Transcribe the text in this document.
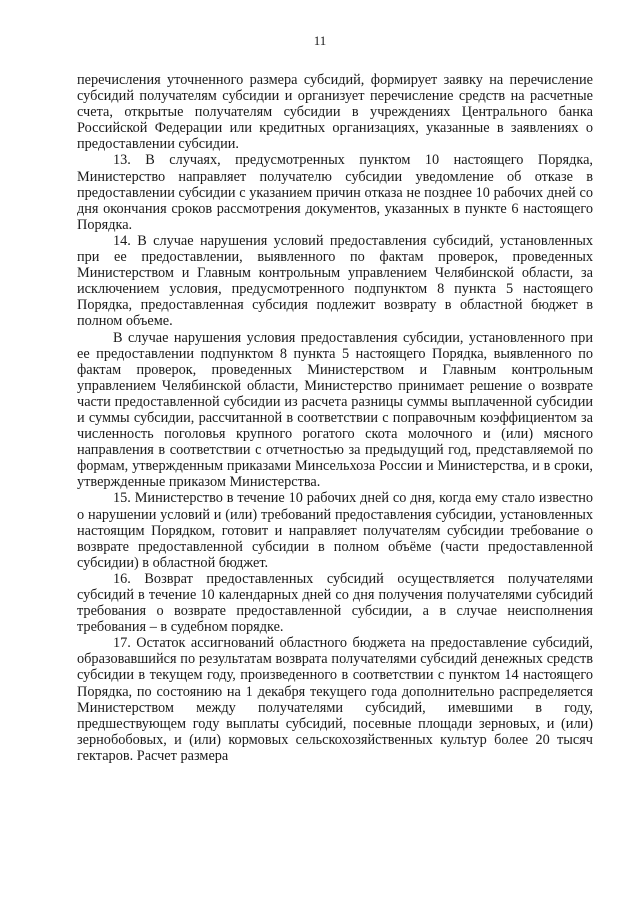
11

перечисления уточненного размера субсидий, формирует заявку на перечисление субсидий получателям субсидии и организует перечисление средств на расчетные счета, открытые получателям субсидии в учреждениях Центрального банка Российской Федерации или кредитных организациях, указанные в заявлениях о предоставлении субсидии.

13. В случаях, предусмотренных пунктом 10 настоящего Порядка, Министерство направляет получателю субсидии уведомление об отказе в предоставлении субсидии с указанием причин отказа не позднее 10 рабочих дней со дня окончания сроков рассмотрения документов, указанных в пункте 6 настоящего Порядка.

14. В случае нарушения условий предоставления субсидий, установленных при ее предоставлении, выявленного по фактам проверок, проведенных Министерством и Главным контрольным управлением Челябинской области, за исключением условия, предусмотренного подпунктом 8 пункта 5 настоящего Порядка, предоставленная субсидия подлежит возврату в областной бюджет в полном объеме.

В случае нарушения условия предоставления субсидии, установленного при ее предоставлении подпунктом 8 пункта 5 настоящего Порядка, выявленного по фактам проверок, проведенных Министерством и Главным контрольным управлением Челябинской области, Министерство принимает решение о возврате части предоставленной субсидии из расчета разницы суммы выплаченной субсидии и суммы субсидии, рассчитанной в соответствии с поправочным коэффициентом за численность поголовья крупного рогатого скота молочного и (или) мясного направления в соответствии с отчетностью за предыдущий год, представляемой по формам, утвержденным приказами Минсельхоза России и Министерства, и в сроки, утвержденные приказом Министерства.

15. Министерство в течение 10 рабочих дней со дня, когда ему стало известно о нарушении условий и (или) требований предоставления субсидии, установленных настоящим Порядком, готовит и направляет получателям субсидии требование о возврате предоставленной субсидии в полном объёме (части предоставленной субсидии) в областной бюджет.

16. Возврат предоставленных субсидий осуществляется получателями субсидий в течение 10 календарных дней со дня получения получателями субсидий требования о возврате предоставленной субсидии, а в случае неисполнения требования – в судебном порядке.

17. Остаток ассигнований областного бюджета на предоставление субсидий, образовавшийся по результатам возврата получателями субсидий денежных средств субсидии в текущем году, произведенного в соответствии с пунктом 14 настоящего Порядка, по состоянию на 1 декабря текущего года дополнительно распределяется Министерством между получателями субсидий, имевшими в году, предшествующем году выплаты субсидий, посевные площади зерновых, и (или) зернобобовых, и (или) кормовых сельскохозяйственных культур более 20 тысяч гектаров. Расчет размера
